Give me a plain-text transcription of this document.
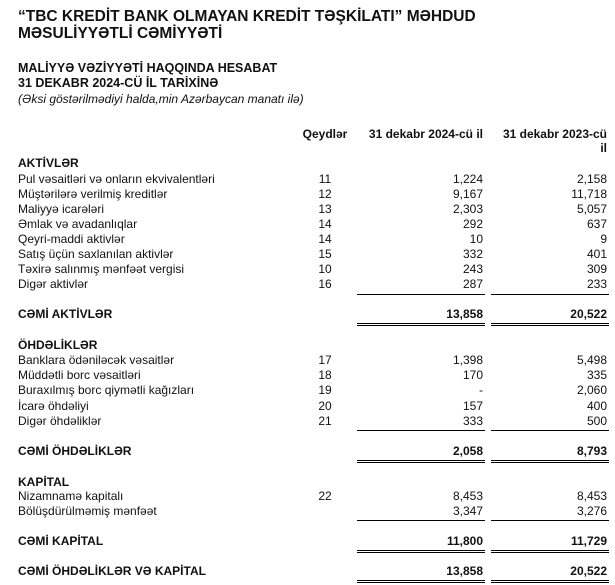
“TBC KREDİT BANK OLMAYAN KREDİT TƏŞKİLATI” MƏHDUD
MƏSULİYYƏTLİ CƏMİYYƏTİ
MALİYYƏ VƏZİYYƏTİ HAQQINDA HESABAT
31 DEKABR 2024-CÜ İL TARİXİNƏ
(Əksi göstərilmədiyi halda,min Azərbaycan manatı ilə)
Qeydlər 31 dekabr 2024-cü il 31 dekabr 2023-cü
il
AKTİVLƏR
Pul vəsaitləri və onların ekvivalentləri	11	1,224	2,158
Müştərilərə verilmiş kreditlər	12	9,167	11,718
Maliyyə icarələri	13	2,303	5,057
Əmlak və avadanlıqlar	14	292	637
Qeyri-maddi aktivlər	14	10	9
Satış üçün saxlanılan aktivlər	15	332	401
Təxirə salınmış mənfəət vergisi	10	243	309
Digər aktivlər	16	287	233
CƏMİ AKTİVLƏR	13,858	20,522
ÖHDƏLİKLƏR
Banklara ödəniləcək vəsaitlər	17	1,398	5,498
Müddətli borc vəsaitləri	18	170	335
Buraxılmış borc qiymətli kağızları	19	-	2,060
İcarə öhdəliyi	20	157	400
Digər öhdəliklər	21	333	500
CƏMİ ÖHDƏLİKLƏR	2,058	8,793
KAPİTAL
Nizamnamə kapitalı	22	8,453	8,453
Bölüşdürülməmiş mənfəət	3,347	3,276
CƏMİ KAPİTAL	11,800	11,729
CƏMİ ÖHDƏLİKLƏR VƏ KAPİTAL	13,858	20,522
